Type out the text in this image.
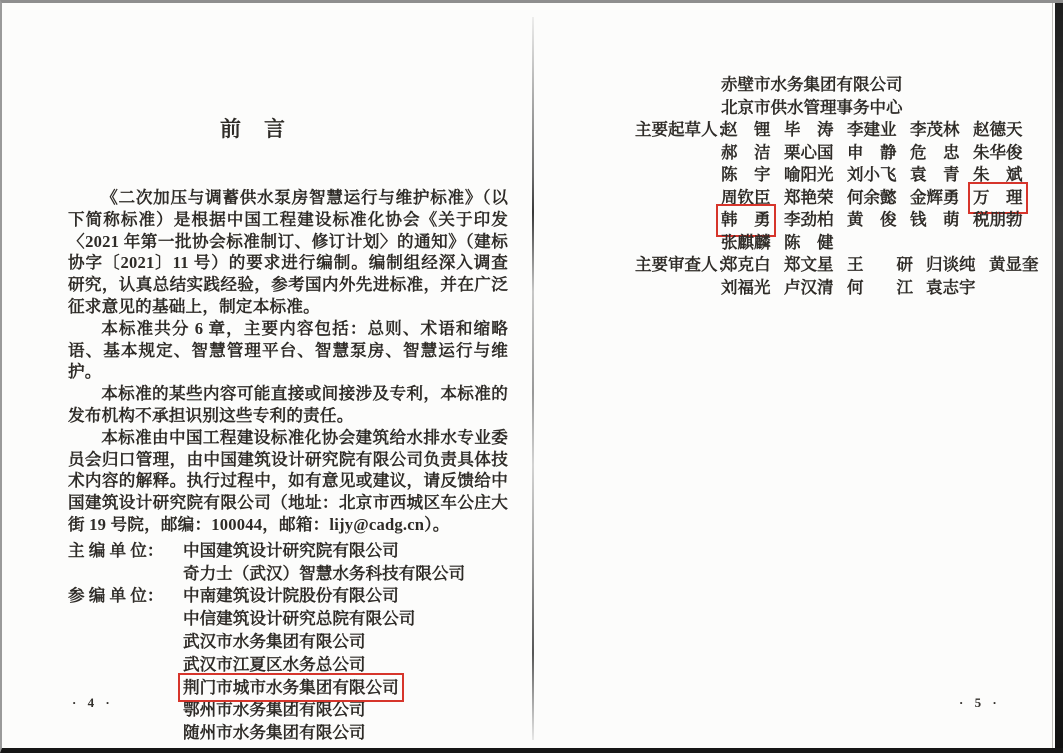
前　言

《二次加压与调蓄供水泵房智慧运行与维护标准》（以下简称标准）是根据中国工程建设标准化协会《关于印发〈2021 年第一批协会标准制订、修订计划〉的通知》（建标协字〔2021〕11 号）的要求进行编制。编制组经深入调查研究，认真总结实践经验，参考国内外先进标准，并在广泛征求意见的基础上，制定本标准。

本标准共分 6 章，主要内容包括：总则、术语和缩略语、基本规定、智慧管理平台、智慧泵房、智慧运行与维护。

本标准的某些内容可能直接或间接涉及专利，本标准的发布机构不承担识别这些专利的责任。

本标准由中国工程建设标准化协会建筑给水排水专业委员会归口管理，由中国建筑设计研究院有限公司负责具体技术内容的解释。执行过程中，如有意见或建议，请反馈给中国建筑设计研究院有限公司（地址：北京市西城区车公庄大街 19 号院，邮编：100044，邮箱：lijy@cadg.cn）。

主 编 单 位：	中国建筑设计研究院有限公司
奇力士（武汉）智慧水务科技有限公司
参 编 单 位：	中南建筑设计院股份有限公司
中信建筑设计研究总院有限公司
武汉市水务集团有限公司
武汉市江夏区水务总公司
荆门市城市水务集团有限公司
鄂州市水务集团有限公司
随州市水务集团有限公司
赤壁市水务集团有限公司
北京市供水管理事务中心
主要起草人：
赵　锂 毕　涛 李建业 李茂林 赵德天
郝　洁 栗心国 申　静 危　忠 朱华俊
陈　宇 喻阳光 刘小飞 袁　青 朱　斌
周钦臣 郑艳荣 何余懿 金辉勇 万　理
韩　勇 李劲柏 黄　俊 钱　萌 税朋勃
张麒麟 陈　健
主要审查人：
郑克白 郑文星 王　　研 归谈纯 黄显奎
刘福光 卢汉清 何　　江 袁志宇
· 4 ·	· 5 ·
